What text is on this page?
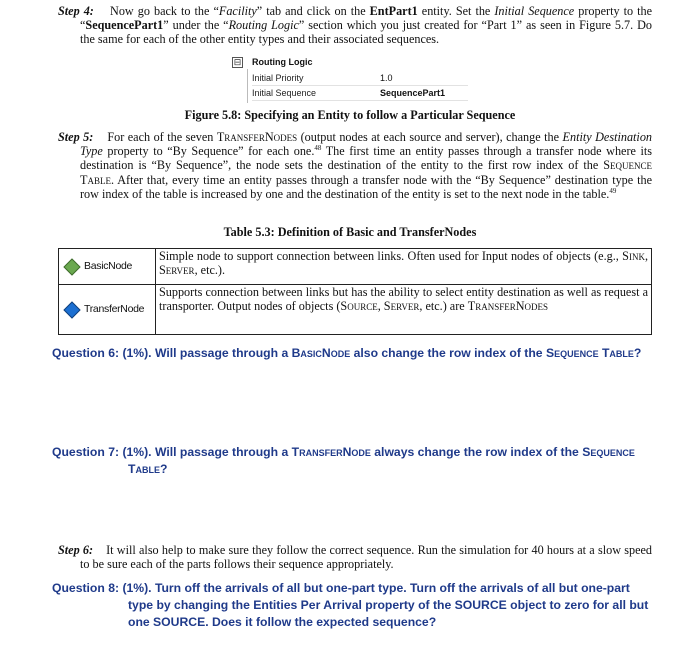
Step 4: Now go back to the “Facility” tab and click on the EntPart1 entity. Set the Initial Sequence property to the “SequencePart1” under the “Routing Logic” section which you just created for “Part 1” as seen in Figure 5.7. Do the same for each of the other entity types and their associated sequences.
⊟ Routing Logic
Initial Priority	1.0
Initial Sequence	SequencePart1
Figure 5.8: Specifying an Entity to follow a Particular Sequence
Step 5: For each of the seven TransferNodes (output nodes at each source and server), change the Entity Destination Type property to “By Sequence” for each one.$^{48}$ The first time an entity passes through a transfer node where its destination is “By Sequence”, the node sets the destination of the entity to the first row index of the Sequence Table. After that, every time an entity passes through a transfer node with the “By Sequence” destination type the row index of the table is increased by one and the destination of the entity is set to the next node in the table.$^{49}$
Table 5.3: Definition of Basic and TransferNodes
BasicNode	Simple node to support connection between links. Often used for Input nodes of objects (e.g., Sink, Server, etc.).

TransferNode	Supports connection between links but has the ability to select entity destination as well as request a transporter. Output nodes of objects (Source, Server, etc.) are TransferNodes
Question 6: (1%). Will passage through a BasicNode also change the row index of the Sequence Table?
Question 7: (1%). Will passage through a TransferNode always change the row index of the Sequence Table?
Step 6: It will also help to make sure they follow the correct sequence. Run the simulation for 40 hours at a slow speed to be sure each of the parts follows their sequence appropriately.
Question 8: (1%). Turn off the arrivals of all but one-part type. Turn off the arrivals of all but one-part type by changing the Entities Per Arrival property of the SOURCE object to zero for all but one SOURCE. Does it follow the expected sequence?
